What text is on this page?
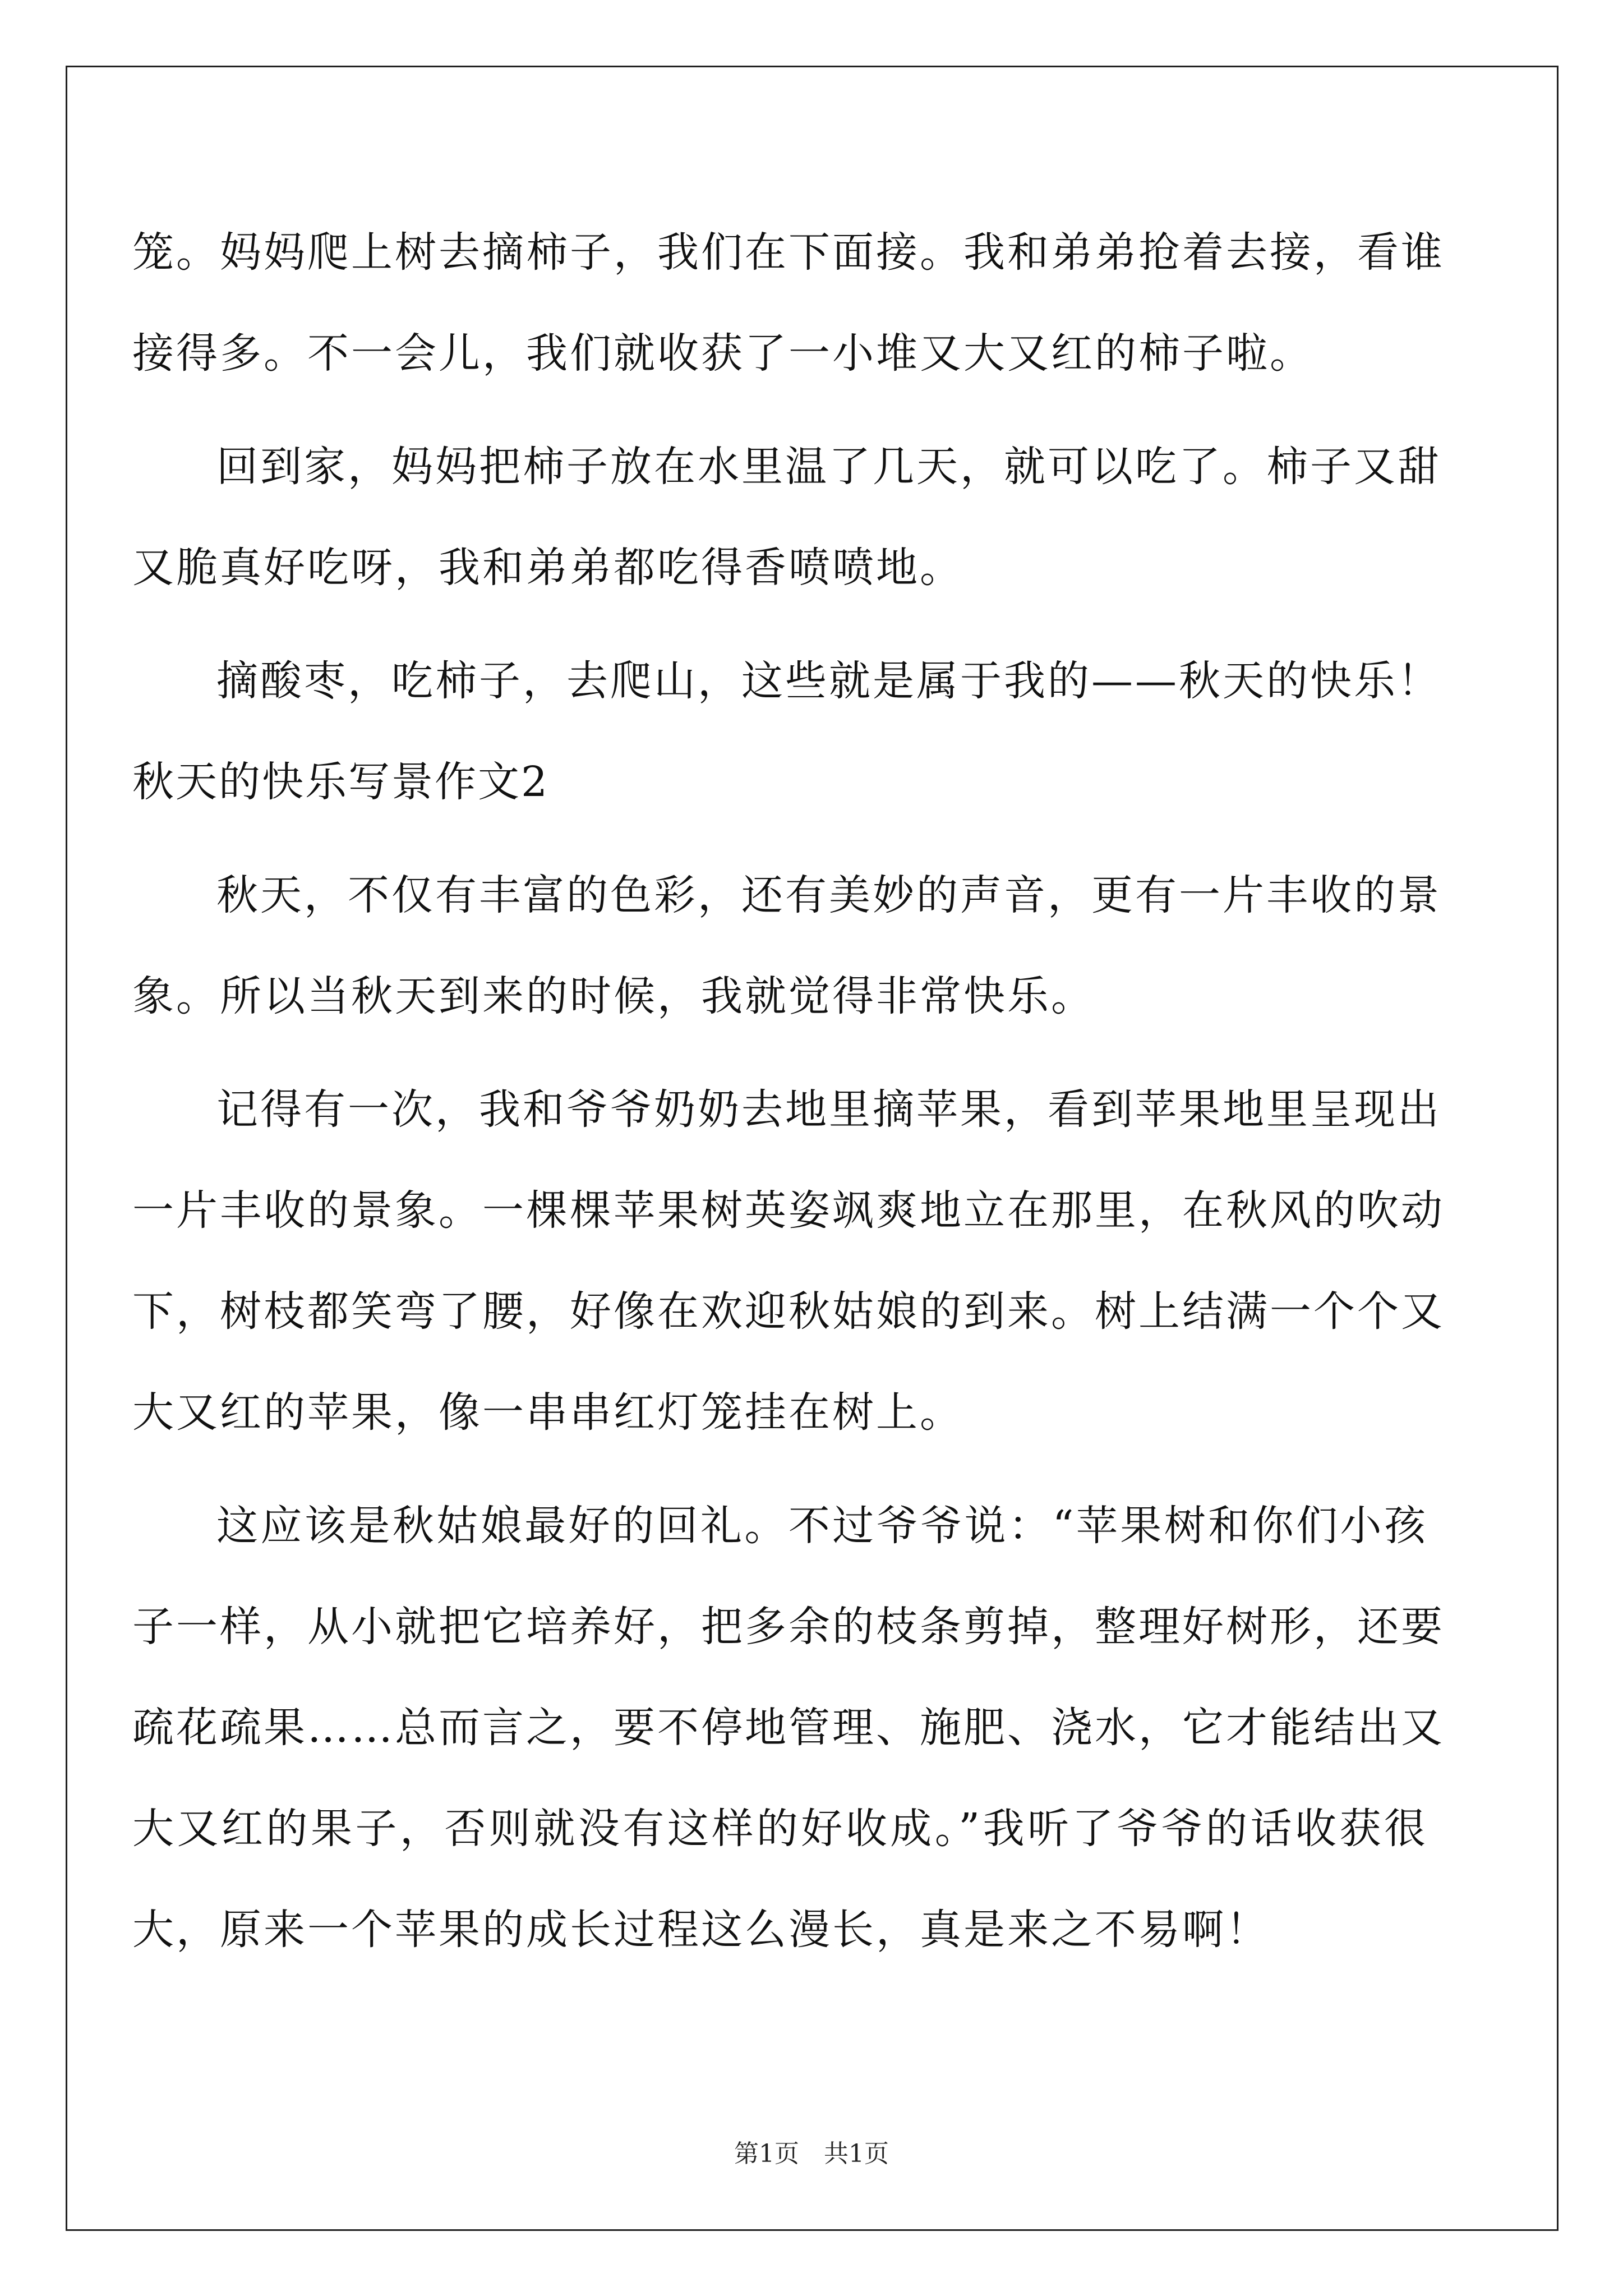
笼。妈妈爬上树去摘柿子，我们在下面接。我和弟弟抢着去接，看谁
接得多。不一会儿，我们就收获了一小堆又大又红的柿子啦。
回到家，妈妈把柿子放在水里温了几天，就可以吃了。柿子又甜
又脆真好吃呀，我和弟弟都吃得香喷喷地。
摘酸枣，吃柿子，去爬山，这些就是属于我的——秋天的快乐！
秋天的快乐写景作文2
秋天，不仅有丰富的色彩，还有美妙的声音，更有一片丰收的景
象。所以当秋天到来的时候，我就觉得非常快乐。
记得有一次，我和爷爷奶奶去地里摘苹果，看到苹果地里呈现出
一片丰收的景象。一棵棵苹果树英姿飒爽地立在那里，在秋风的吹动
下，树枝都笑弯了腰，好像在欢迎秋姑娘的到来。树上结满一个个又
大又红的苹果，像一串串红灯笼挂在树上。
这应该是秋姑娘最好的回礼。不过爷爷说：“苹果树和你们小孩
子一样，从小就把它培养好，把多余的枝条剪掉，整理好树形，还要
疏花疏果……总而言之，要不停地管理、施肥、浇水，它才能结出又
大又红的果子，否则就没有这样的好收成。”我听了爷爷的话收获很
大，原来一个苹果的成长过程这么漫长，真是来之不易啊！
第1页　共1页
